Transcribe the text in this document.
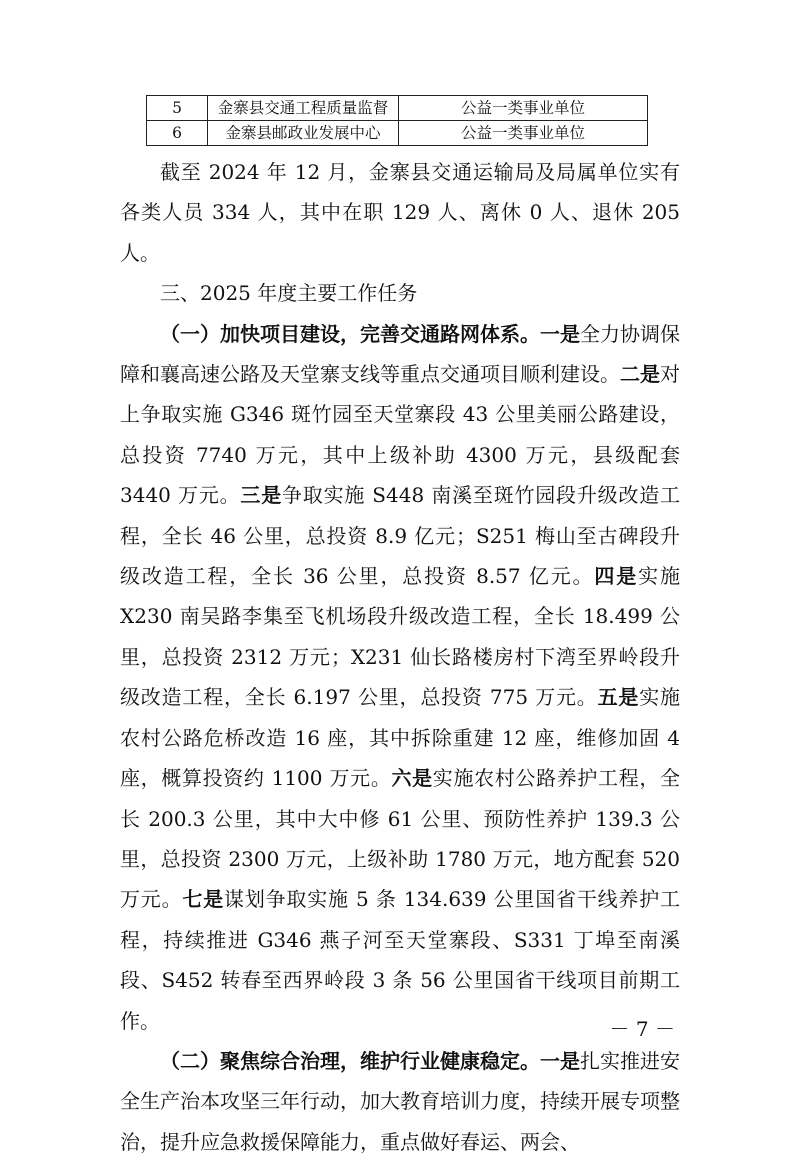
5	金寨县交通工程质量监督	公益一类事业单位
6	金寨县邮政业发展中心	公益一类事业单位

截至 2024 年 12 月，金寨县交通运输局及局属单位实有各类人员 334 人，其中在职 129 人、离休 0 人、退休 205 人。

三、2025 年度主要工作任务

（一）加快项目建设，完善交通路网体系。一是全力协调保障和襄高速公路及天堂寨支线等重点交通项目顺利建设。二是对上争取实施 G346 斑竹园至天堂寨段 43 公里美丽公路建设，总投资 7740 万元，其中上级补助 4300 万元，县级配套 3440 万元。三是争取实施 S448 南溪至斑竹园段升级改造工程，全长 46 公里，总投资 8.9 亿元；S251 梅山至古碑段升级改造工程，全长 36 公里，总投资 8.57 亿元。四是实施 X230 南吴路李集至飞机场段升级改造工程，全长 18.499 公里，总投资 2312 万元；X231 仙长路楼房村下湾至界岭段升级改造工程，全长 6.197 公里，总投资 775 万元。五是实施农村公路危桥改造 16 座，其中拆除重建 12 座，维修加固 4 座，概算投资约 1100 万元。六是实施农村公路养护工程，全长 200.3 公里，其中大中修 61 公里、预防性养护 139.3 公里，总投资 2300 万元，上级补助 1780 万元，地方配套 520 万元。七是谋划争取实施 5 条 134.639 公里国省干线养护工程，持续推进 G346 燕子河至天堂寨段、S331 丁埠至南溪段、S452 转春至西界岭段 3 条 56 公里国省干线项目前期工作。

（二）聚焦综合治理，维护行业健康稳定。一是扎实推进安全生产治本攻坚三年行动，加大教育培训力度，持续开展专项整治，提升应急救援保障能力，重点做好春运、两会、

－ 7 －
